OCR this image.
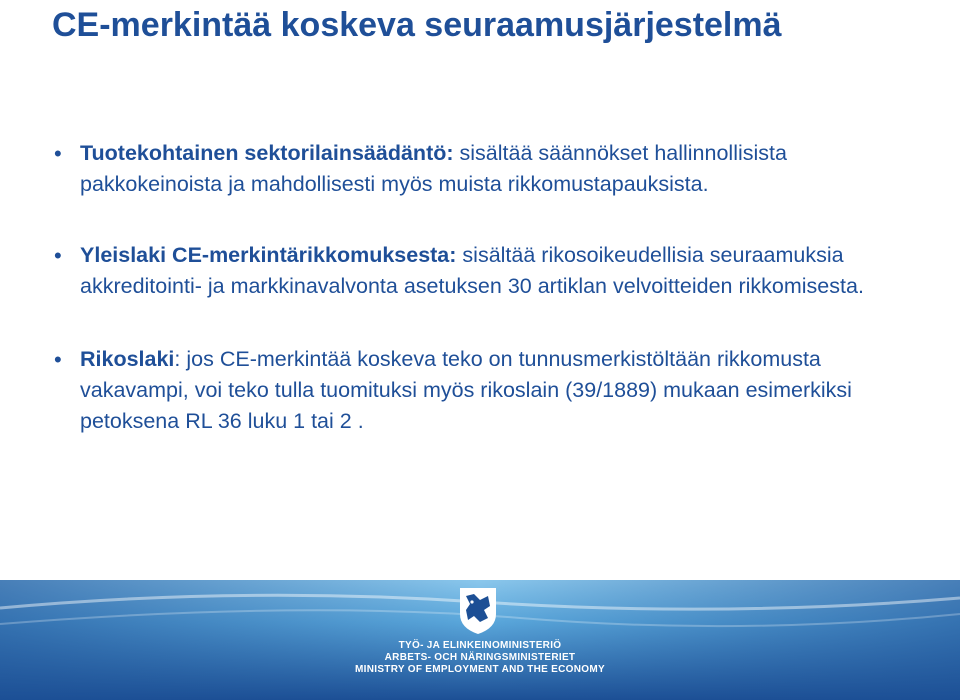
CE-merkintää koskeva seuraamusjärjestelmä
• Tuotekohtainen sektorilainsäädäntö: sisältää säännökset hallinnollisista pakkokeinoista ja mahdollisesti myös muista rikkomustapauksista.
• Yleislaki CE-merkintärikkomuksesta: sisältää rikosoikeudellisia seuraamuksia akkreditointi- ja markkinavalvonta asetuksen 30 artiklan velvoitteiden rikkomisesta.
• Rikoslaki: jos CE-merkintää koskeva teko on tunnusmerkistöltään rikkomusta vakavampi, voi teko tulla tuomituksi myös rikoslain (39/1889) mukaan esimerkiksi petoksena RL 36 luku 1 tai 2 .
TYÖ- JA ELINKEINOMINISTERIÖ
ARBETS- OCH NÄRINGSMINISTERIET
MINISTRY OF EMPLOYMENT AND THE ECONOMY
